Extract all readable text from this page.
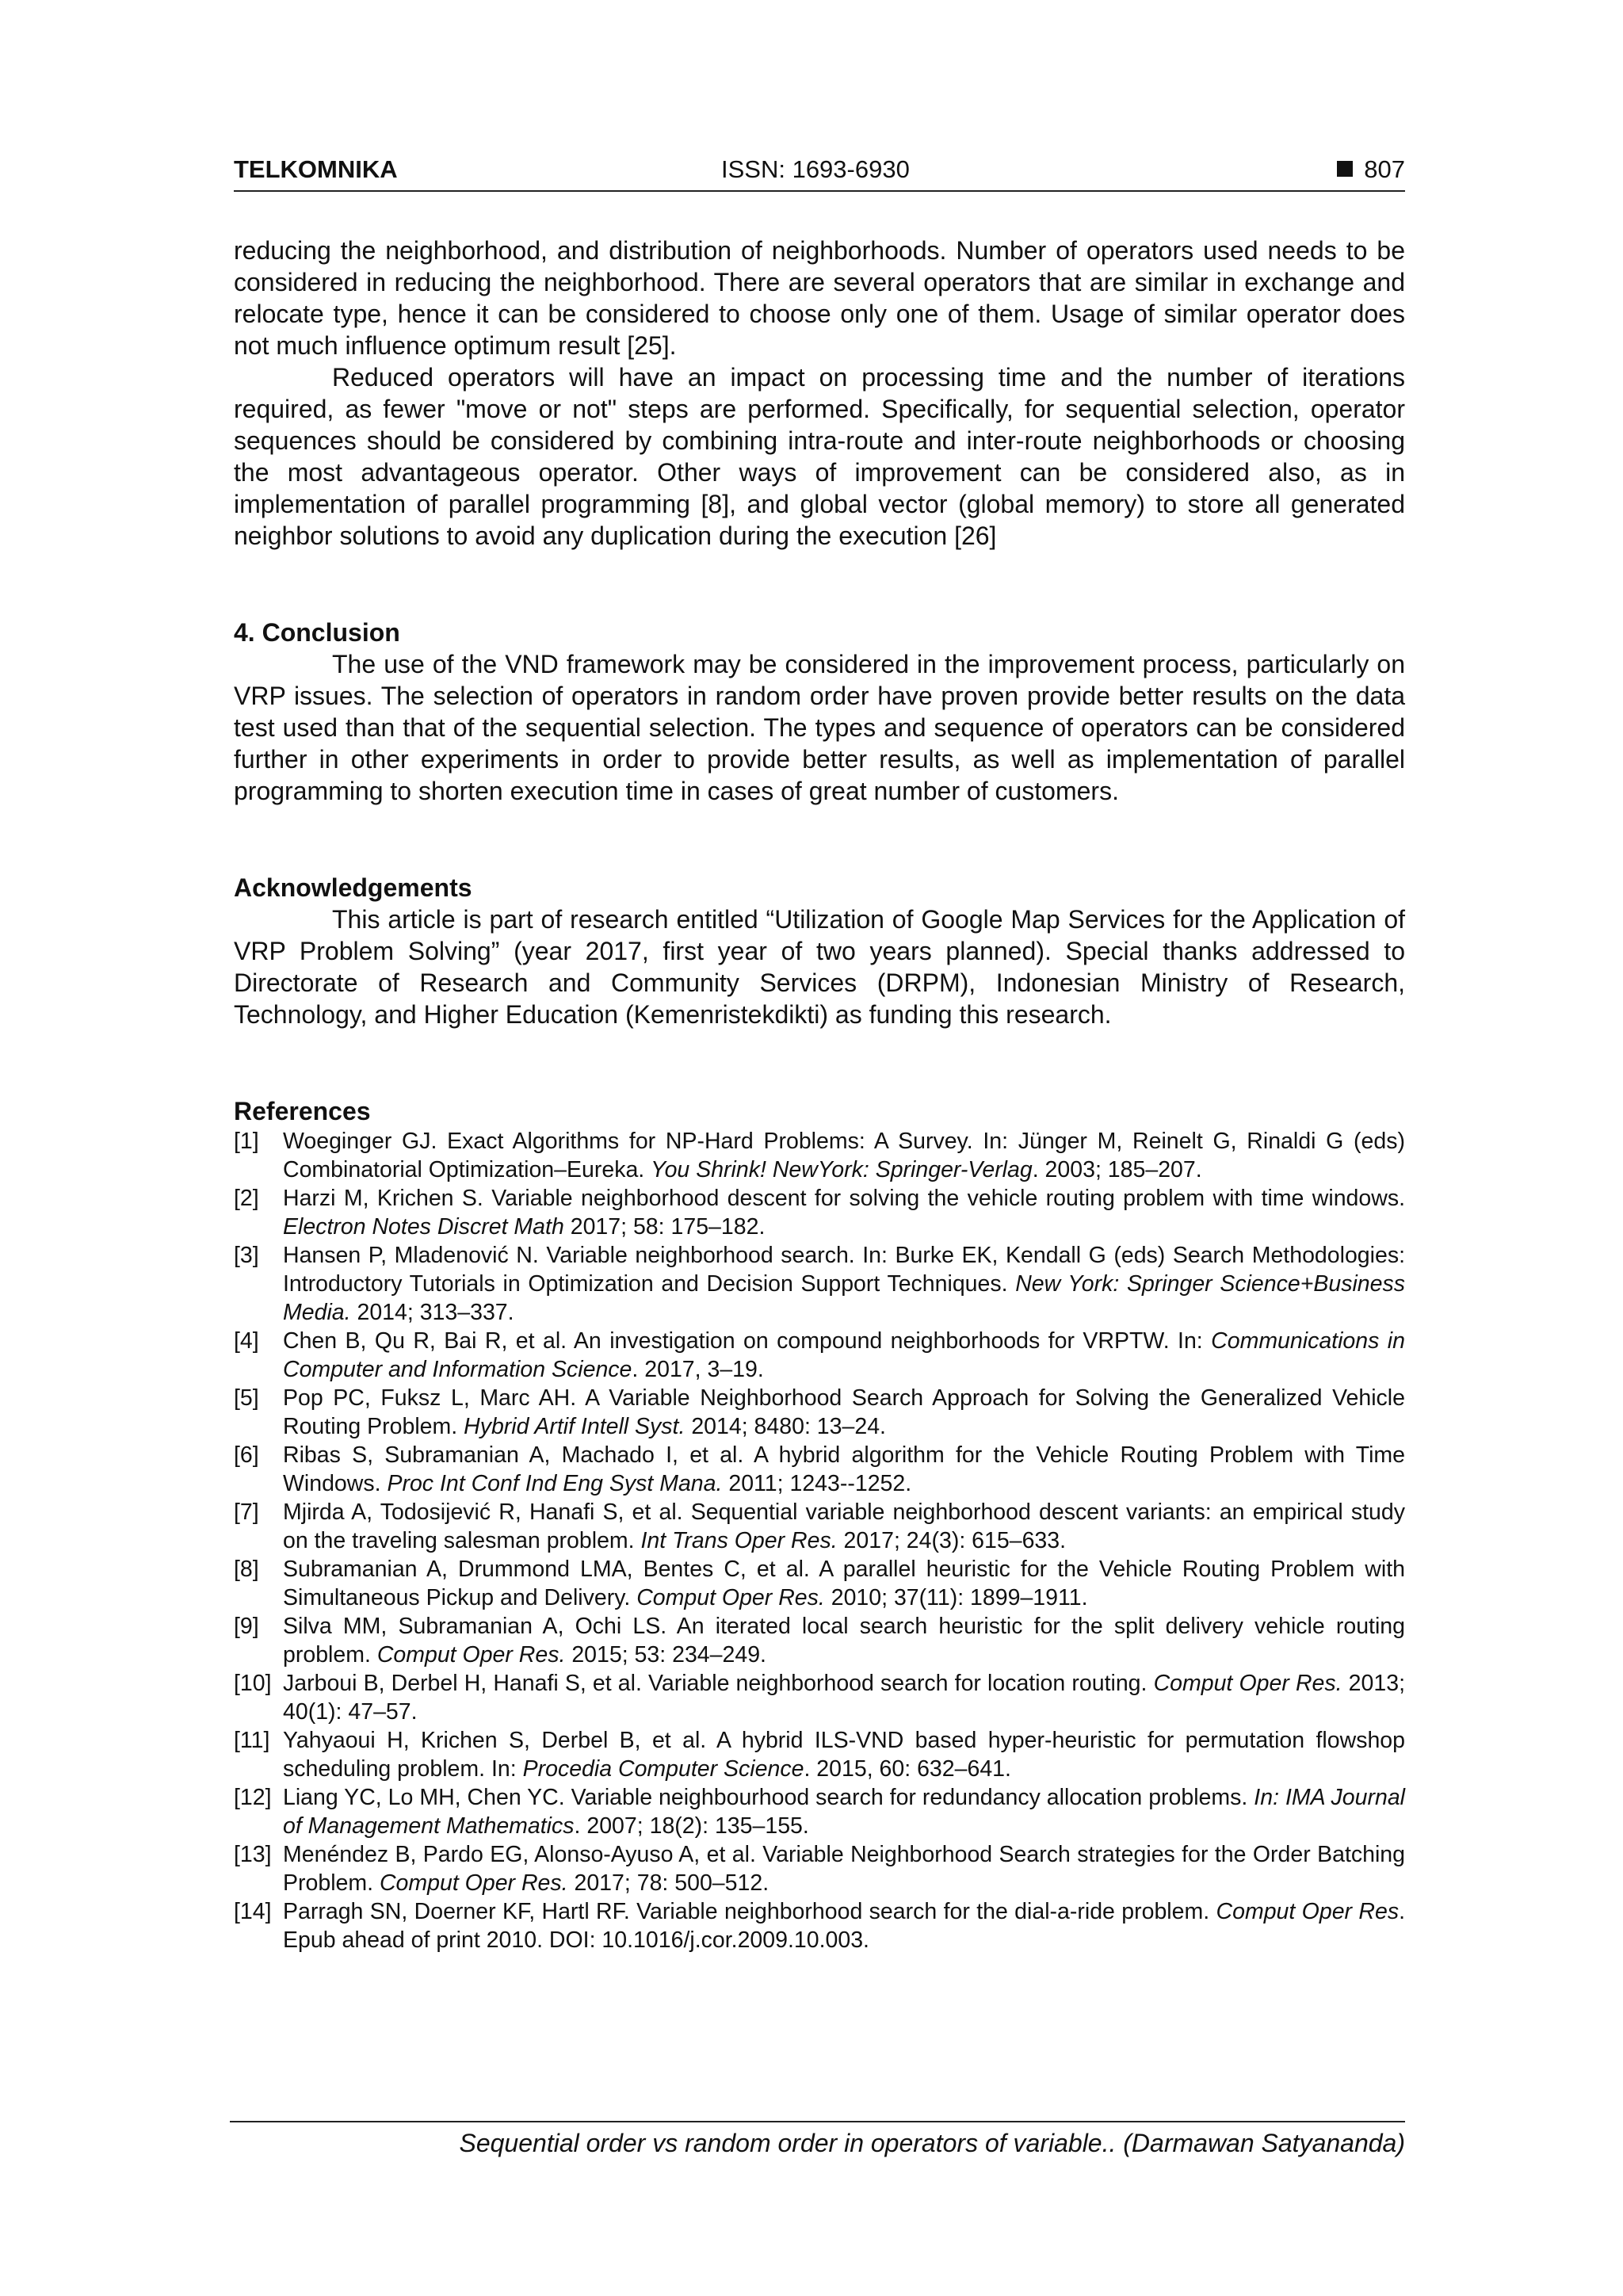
TELKOMNIKA	ISSN: 1693-6930	807

reducing the neighborhood, and distribution of neighborhoods. Number of operators used needs to be considered in reducing the neighborhood. There are several operators that are similar in exchange and relocate type, hence it can be considered to choose only one of them. Usage of similar operator does not much influence optimum result [25].

Reduced operators will have an impact on processing time and the number of iterations required, as fewer "move or not" steps are performed. Specifically, for sequential selection, operator sequences should be considered by combining intra-route and inter-route neighborhoods or choosing the most advantageous operator. Other ways of improvement can be considered also, as in implementation of parallel programming [8], and global vector (global memory) to store all generated neighbor solutions to avoid any duplication during the execution [26]

4. Conclusion

The use of the VND framework may be considered in the improvement process, particularly on VRP issues. The selection of operators in random order have proven provide better results on the data test used than that of the sequential selection. The types and sequence of operators can be considered further in other experiments in order to provide better results, as well as implementation of parallel programming to shorten execution time in cases of great number of customers.

Acknowledgements

This article is part of research entitled “Utilization of Google Map Services for the Application of VRP Problem Solving” (year 2017, first year of two years planned). Special thanks addressed to Directorate of Research and Community Services (DRPM), Indonesian Ministry of Research, Technology, and Higher Education (Kemenristekdikti) as funding this research.

References
[1] Woeginger GJ. Exact Algorithms for NP-Hard Problems: A Survey. In: Jünger M, Reinelt G, Rinaldi G (eds) Combinatorial Optimization–Eureka. You Shrink! NewYork: Springer-Verlag. 2003; 185–207.
[2] Harzi M, Krichen S. Variable neighborhood descent for solving the vehicle routing problem with time windows. Electron Notes Discret Math 2017; 58: 175–182.
[3] Hansen P, Mladenović N. Variable neighborhood search. In: Burke EK, Kendall G (eds) Search Methodologies: Introductory Tutorials in Optimization and Decision Support Techniques. New York: Springer Science+Business Media. 2014; 313–337.
[4] Chen B, Qu R, Bai R, et al. An investigation on compound neighborhoods for VRPTW. In: Communications in Computer and Information Science. 2017, 3–19.
[5] Pop PC, Fuksz L, Marc AH. A Variable Neighborhood Search Approach for Solving the Generalized Vehicle Routing Problem. Hybrid Artif Intell Syst. 2014; 8480: 13–24.
[6] Ribas S, Subramanian A, Machado I, et al. A hybrid algorithm for the Vehicle Routing Problem with Time Windows. Proc Int Conf Ind Eng Syst Mana. 2011; 1243--1252.
[7] Mjirda A, Todosijević R, Hanafi S, et al. Sequential variable neighborhood descent variants: an empirical study on the traveling salesman problem. Int Trans Oper Res. 2017; 24(3): 615–633.
[8] Subramanian A, Drummond LMA, Bentes C, et al. A parallel heuristic for the Vehicle Routing Problem with Simultaneous Pickup and Delivery. Comput Oper Res. 2010; 37(11): 1899–1911.
[9] Silva MM, Subramanian A, Ochi LS. An iterated local search heuristic for the split delivery vehicle routing problem. Comput Oper Res. 2015; 53: 234–249.
[10] Jarboui B, Derbel H, Hanafi S, et al. Variable neighborhood search for location routing. Comput Oper Res. 2013; 40(1): 47–57.
[11] Yahyaoui H, Krichen S, Derbel B, et al. A hybrid ILS-VND based hyper-heuristic for permutation flowshop scheduling problem. In: Procedia Computer Science. 2015, 60: 632–641.
[12] Liang YC, Lo MH, Chen YC. Variable neighbourhood search for redundancy allocation problems. In: IMA Journal of Management Mathematics. 2007; 18(2): 135–155.
[13] Menéndez B, Pardo EG, Alonso-Ayuso A, et al. Variable Neighborhood Search strategies for the Order Batching Problem. Comput Oper Res. 2017; 78: 500–512.
[14] Parragh SN, Doerner KF, Hartl RF. Variable neighborhood search for the dial-a-ride problem. Comput Oper Res. Epub ahead of print 2010. DOI: 10.1016/j.cor.2009.10.003.
Sequential order vs random order in operators of variable.. (Darmawan Satyananda)
